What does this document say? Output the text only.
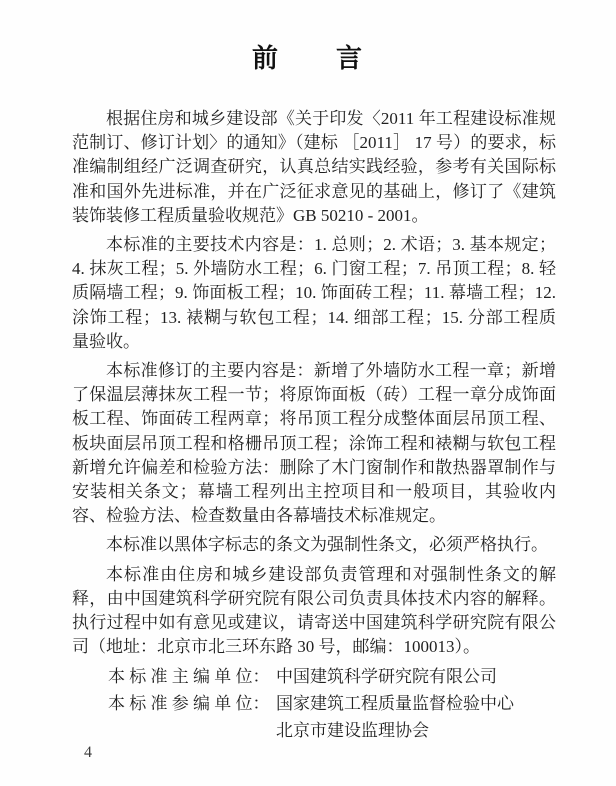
前　　言

根据住房和城乡建设部《关于印发〈2011 年工程建设标准规范制订、修订计划〉的通知》（建标 ［2011］ 17 号）的要求，标准编制组经广泛调查研究，认真总结实践经验，参考有关国际标准和国外先进标准，并在广泛征求意见的基础上，修订了《建筑装饰装修工程质量验收规范》GB 50210 - 2001。

本标准的主要技术内容是：1. 总则；2. 术语；3. 基本规定；4. 抹灰工程；5. 外墙防水工程；6. 门窗工程；7. 吊顶工程；8. 轻质隔墙工程；9. 饰面板工程；10. 饰面砖工程；11. 幕墙工程；12. 涂饰工程；13. 裱糊与软包工程；14. 细部工程；15. 分部工程质量验收。

本标准修订的主要内容是：新增了外墙防水工程一章；新增了保温层薄抹灰工程一节；将原饰面板（砖）工程一章分成饰面板工程、饰面砖工程两章；将吊顶工程分成整体面层吊顶工程、板块面层吊顶工程和格栅吊顶工程；涂饰工程和裱糊与软包工程新增允许偏差和检验方法：删除了木门窗制作和散热器罩制作与安装相关条文；幕墙工程列出主控项目和一般项目，其验收内容、检验方法、检查数量由各幕墙技术标准规定。

本标准以黑体字标志的条文为强制性条文，必须严格执行。

本标准由住房和城乡建设部负责管理和对强制性条文的解释，由中国建筑科学研究院有限公司负责具体技术内容的解释。执行过程中如有意见或建议，请寄送中国建筑科学研究院有限公司（地址：北京市北三环东路 30 号，邮编：100013）。

本 标 准 主 编 单 位： 中国建筑科学研究院有限公司
本 标 准 参 编 单 位： 国家建筑工程质量监督检验中心
北京市建设监理协会
4
